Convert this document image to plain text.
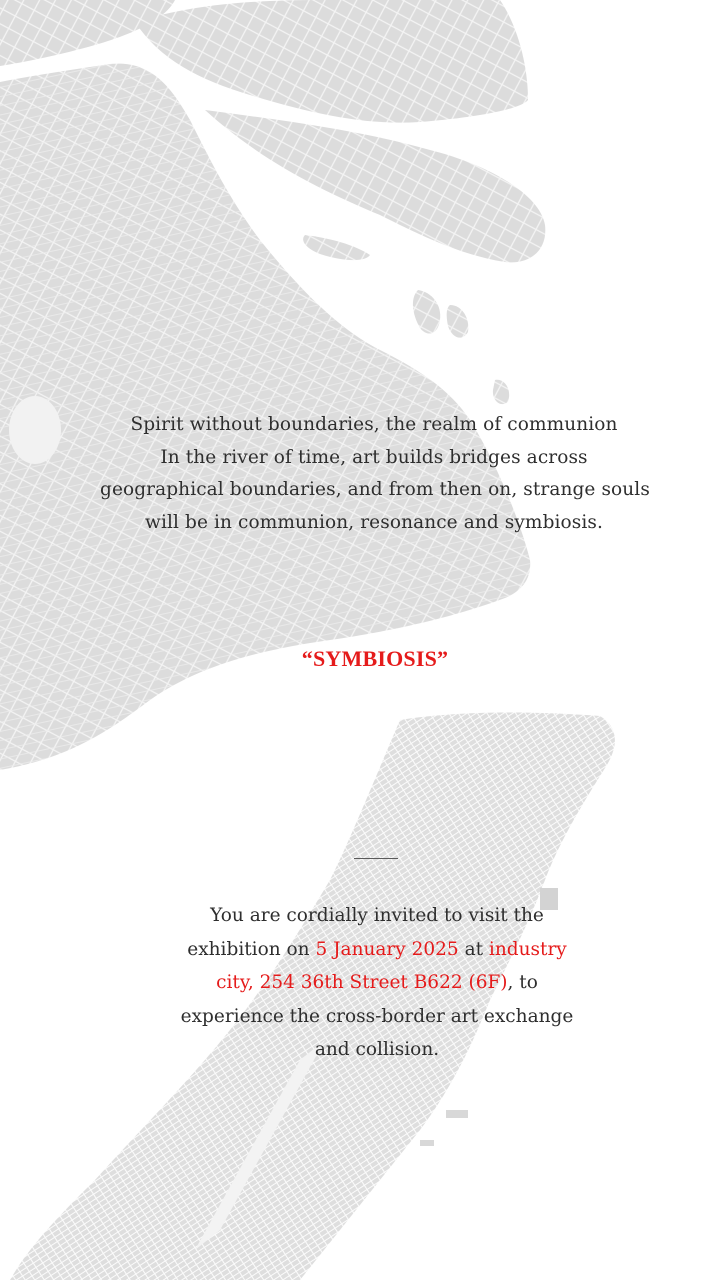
Spirit without boundaries, the realm of communion
In the river of time, art builds bridges across
geographical boundaries, and from then on, strange souls
will be in communion, resonance and symbiosis.
“SYMBIOSIS”
You are cordially invited to visit the exhibition on 5 January 2025 at industry city, 254 36th Street B622 (6F), to experience the cross-border art exchange and collision.
